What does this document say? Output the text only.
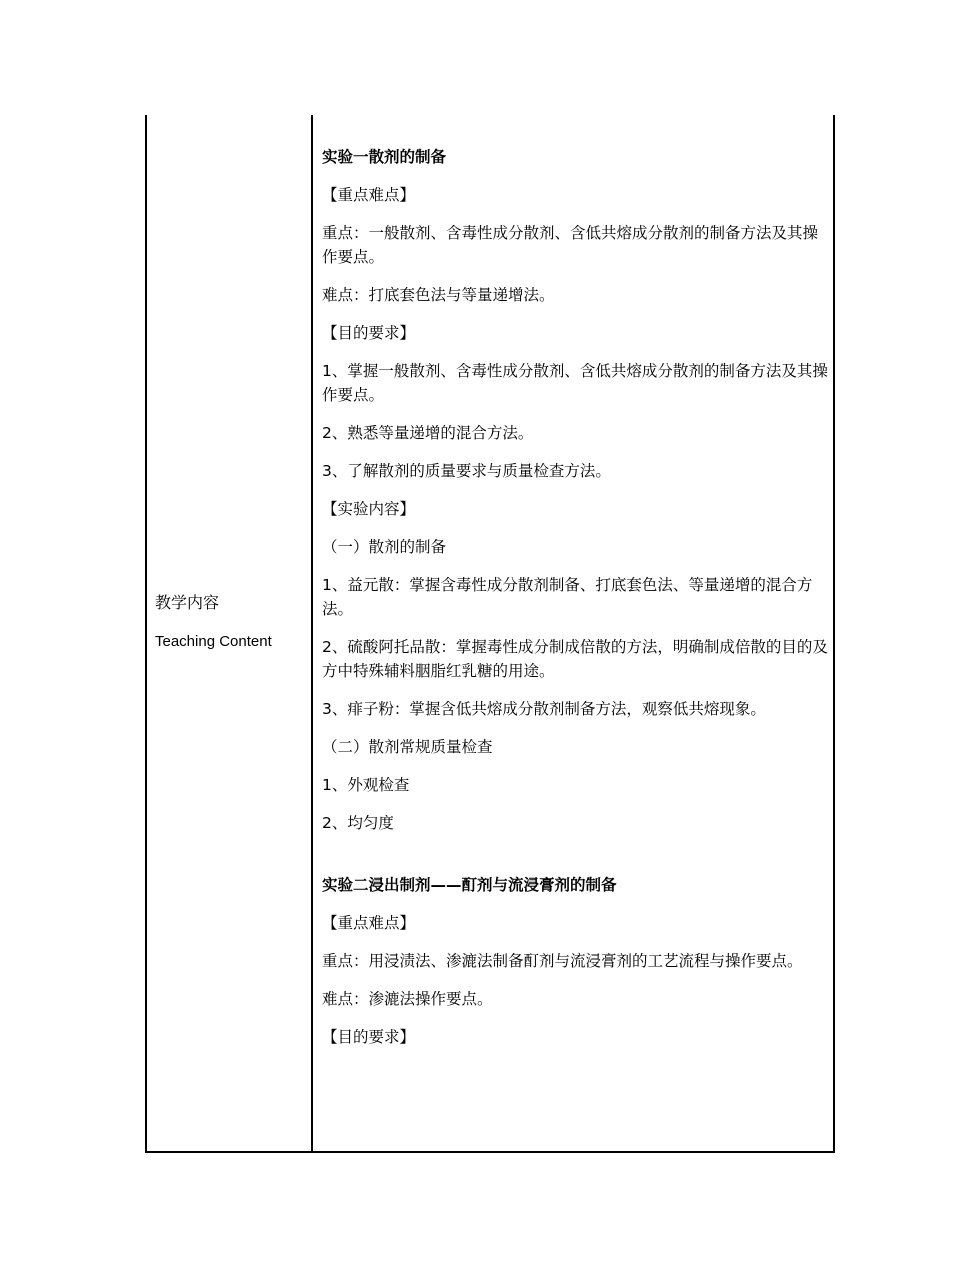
教学内容
Teaching Content

实验一散剂的制备

【重点难点】

重点：一般散剂、含毒性成分散剂、含低共熔成分散剂的制备方法及其操作要点。

难点：打底套色法与等量递增法。

【目的要求】

1、掌握一般散剂、含毒性成分散剂、含低共熔成分散剂的制备方法及其操作要点。

2、熟悉等量递增的混合方法。

3、了解散剂的质量要求与质量检查方法。

【实验内容】

（一）散剂的制备

1、益元散：掌握含毒性成分散剂制备、打底套色法、等量递增的混合方法。

2、硫酸阿托品散：掌握毒性成分制成倍散的方法，明确制成倍散的目的及方中特殊辅料胭脂红乳糖的用途。

3、痱子粉：掌握含低共熔成分散剂制备方法，观察低共熔现象。

（二）散剂常规质量检查

1、外观检查

2、均匀度

实验二浸出制剂——酊剂与流浸膏剂的制备

【重点难点】

重点：用浸渍法、渗漉法制备酊剂与流浸膏剂的工艺流程与操作要点。

难点：渗漉法操作要点。

【目的要求】
